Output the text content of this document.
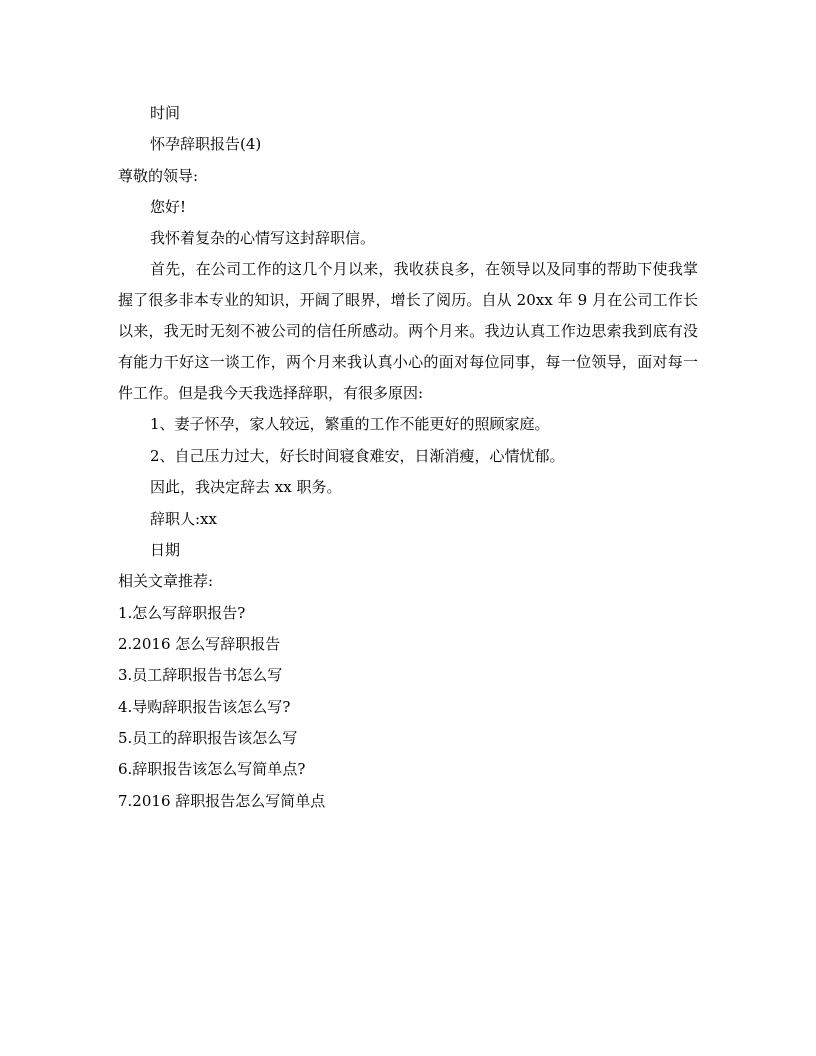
时间
怀孕辞职报告(4)
尊敬的领导:
您好!
我怀着复杂的心情写这封辞职信。
首先，在公司工作的这几个月以来，我收获良多，在领导以及同事的帮助下使我掌握了很多非本专业的知识，开阔了眼界，增长了阅历。自从 20xx 年 9 月在公司工作长以来，我无时无刻不被公司的信任所感动。两个月来。我边认真工作边思索我到底有没有能力干好这一谈工作，两个月来我认真小心的面对每位同事，每一位领导，面对每一件工作。但是我今天我选择辞职，有很多原因:
1、妻子怀孕，家人较远，繁重的工作不能更好的照顾家庭。
2、自己压力过大，好长时间寝食难安，日渐消瘦，心情忧郁。
因此，我决定辞去 xx 职务。
辞职人:xx
日期
相关文章推荐:
1.怎么写辞职报告?
2.2016 怎么写辞职报告
3.员工辞职报告书怎么写
4.导购辞职报告该怎么写?
5.员工的辞职报告该怎么写
6.辞职报告该怎么写简单点?
7.2016 辞职报告怎么写简单点
